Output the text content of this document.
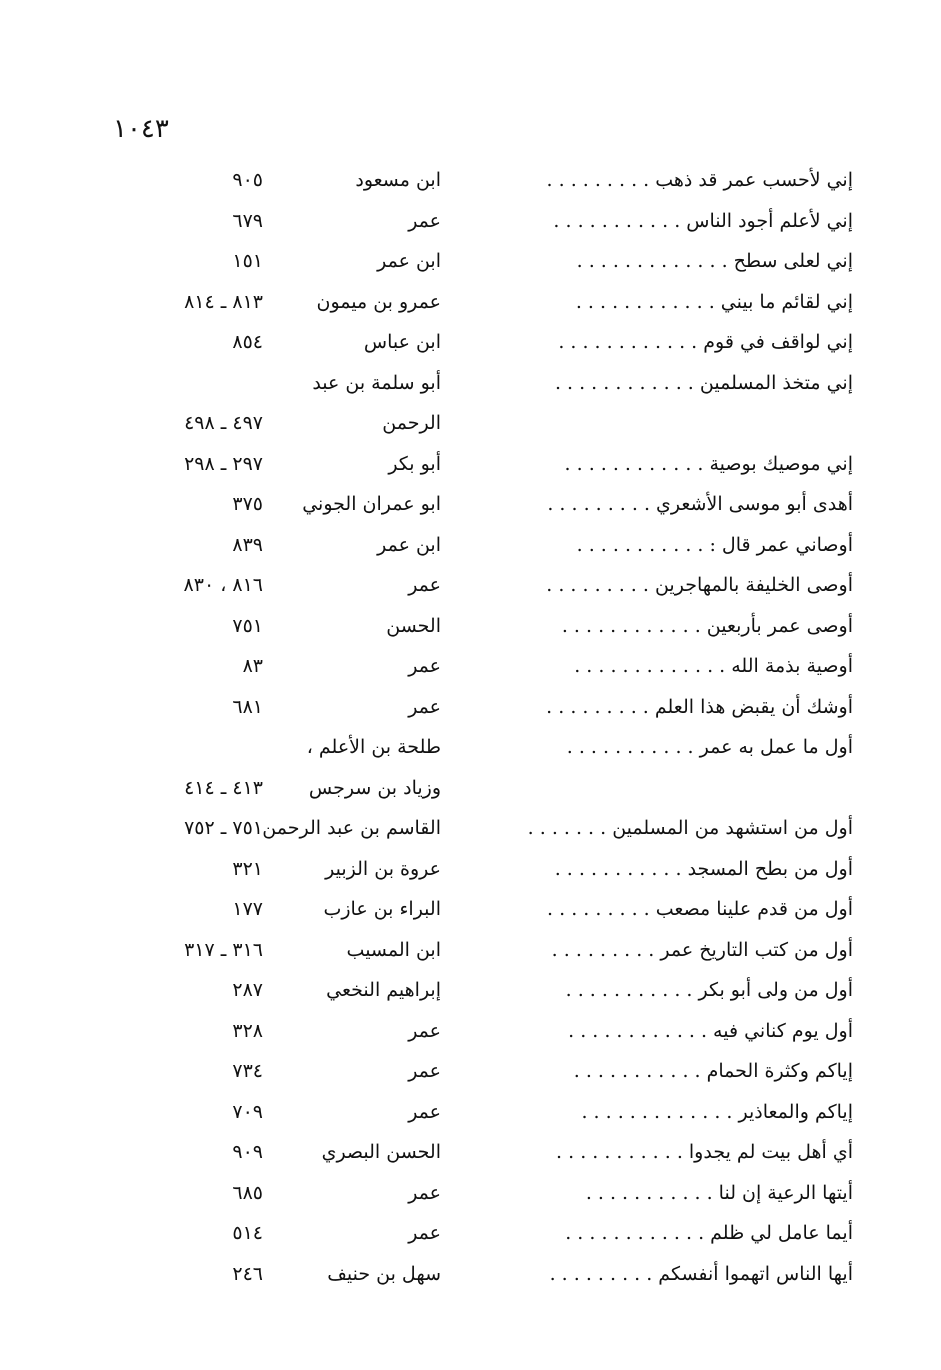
١٠٤٣
إني لأحسب عمر قد ذهب . . . . . . . . .
ابن مسعود
٩٠٥
إني لأعلم أجود الناس . . . . . . . . . . .
عمر
٦٧٩
إني لعلى سطح . . . . . . . . . . . . .
ابن عمر
١٥١
إني لقائم ما بيني . . . . . . . . . . . .
عمرو بن ميمون
٨١٣ ـ ٨١٤
إني لواقف في قوم . . . . . . . . . . . .
ابن عباس
٨٥٤
إني متخذ المسلمين . . . . . . . . . . . .
أبو سلمة بن عبد
الرحمن
٤٩٧ ـ ٤٩٨
إني موصيك بوصية . . . . . . . . . . . .
أبو بكر
٢٩٧ ـ ٢٩٨
أهدى أبو موسى الأشعري . . . . . . . . .
ابو عمران الجوني
٣٧٥
أوصاني عمر قال : . . . . . . . . . . .
ابن عمر
٨٣٩
أوصى الخليفة بالمهاجرين . . . . . . . . .
عمر
٨١٦ ، ٨٣٠
أوصى عمر بأربعين . . . . . . . . . . . .
الحسن
٧٥١
أوصية بذمة الله . . . . . . . . . . . . .
عمر
٨٣
أوشك أن يقبض هذا العلم . . . . . . . . .
عمر
٦٨١
أول ما عمل به عمر . . . . . . . . . . .
طلحة بن الأعلم ،
وزياد بن سرجس
٤١٣ ـ ٤١٤
أول من استشهد من المسلمين . . . . . . .
القاسم بن عبد الرحمن
٧٥١ ـ ٧٥٢
أول من بطح المسجد . . . . . . . . . . .
عروة بن الزبير
٣٢١
أول من قدم علينا مصعب . . . . . . . . .
البراء بن عازب
١٧٧
أول من كتب التاريخ عمر . . . . . . . . .
ابن المسيب
٣١٦ ـ ٣١٧
أول من ولى أبو بكر . . . . . . . . . . .
إبراهيم النخعي
٢٨٧
أول يوم كناني فيه . . . . . . . . . . . .
عمر
٣٢٨
إياكم وكثرة الحمام . . . . . . . . . . .
عمر
٧٣٤
إياكم والمعاذير . . . . . . . . . . . . .
عمر
٧٠٩
أي أهل بيت لم يجدوا . . . . . . . . . . .
الحسن البصري
٩٠٩
أيتها الرعية إن لنا . . . . . . . . . . .
عمر
٦٨٥
أيما عامل لي ظلم . . . . . . . . . . . .
عمر
٥١٤
أيها الناس اتهموا أنفسكم . . . . . . . . .
سهل بن حنيف
٢٤٦
